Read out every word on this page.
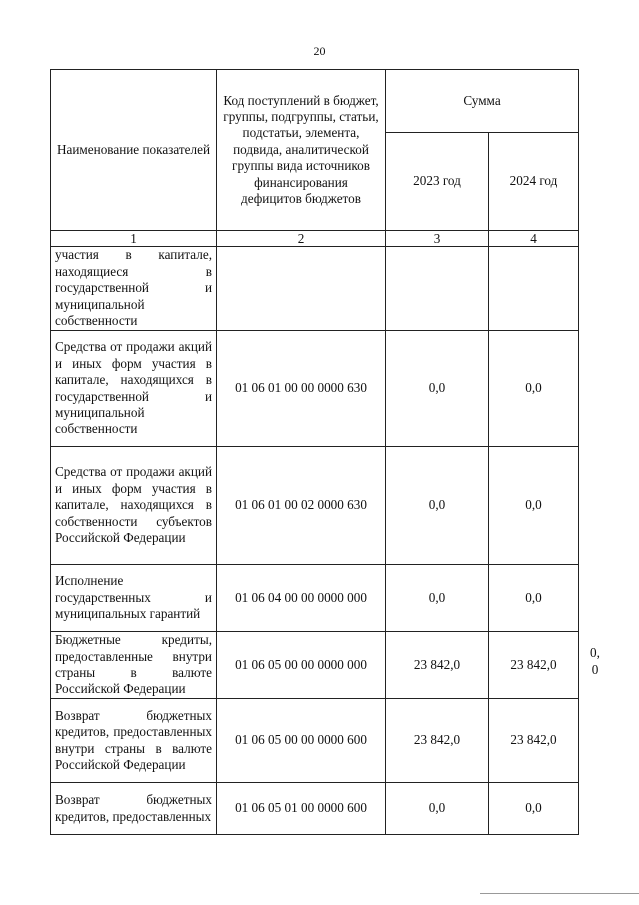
20
Наименование показателей	Код поступлений в бюджет, группы, подгруппы, статьи, подстатьи, элемента, подвида, аналитической группы вида источников финансирования дефицитов бюджетов	Сумма	
		2023 год	2024 год
1	2	3	4
участия в капитале, находящиеся в государственной и муниципальной собственности			
Средства от продажи акций и иных форм участия в капитале, находящихся в государственной и муниципальной собственности	01 06 01 00 00 0000 630	0,0	0,0
Средства от продажи акций и иных форм участия в капитале, находящихся в собственности субъектов Российской Федерации	01 06 01 00 02 0000 630	0,0	0,0
Исполнение государственных и муниципальных гарантий	01 06 04 00 00 0000 000	0,0	0,0
Бюджетные кредиты, предоставленные внутри страны в валюте Российской Федерации	01 06 05 00 00 0000 000	23 842,0	23 842,0
Возврат бюджетных кредитов, предоставленных внутри страны в валюте Российской Федерации	01 06 05 00 00 0000 600	23 842,0	23 842,0
Возврат бюджетных кредитов, предоставленных	01 06 05 01 00 0000 600	0,0	0,0
0,
0
